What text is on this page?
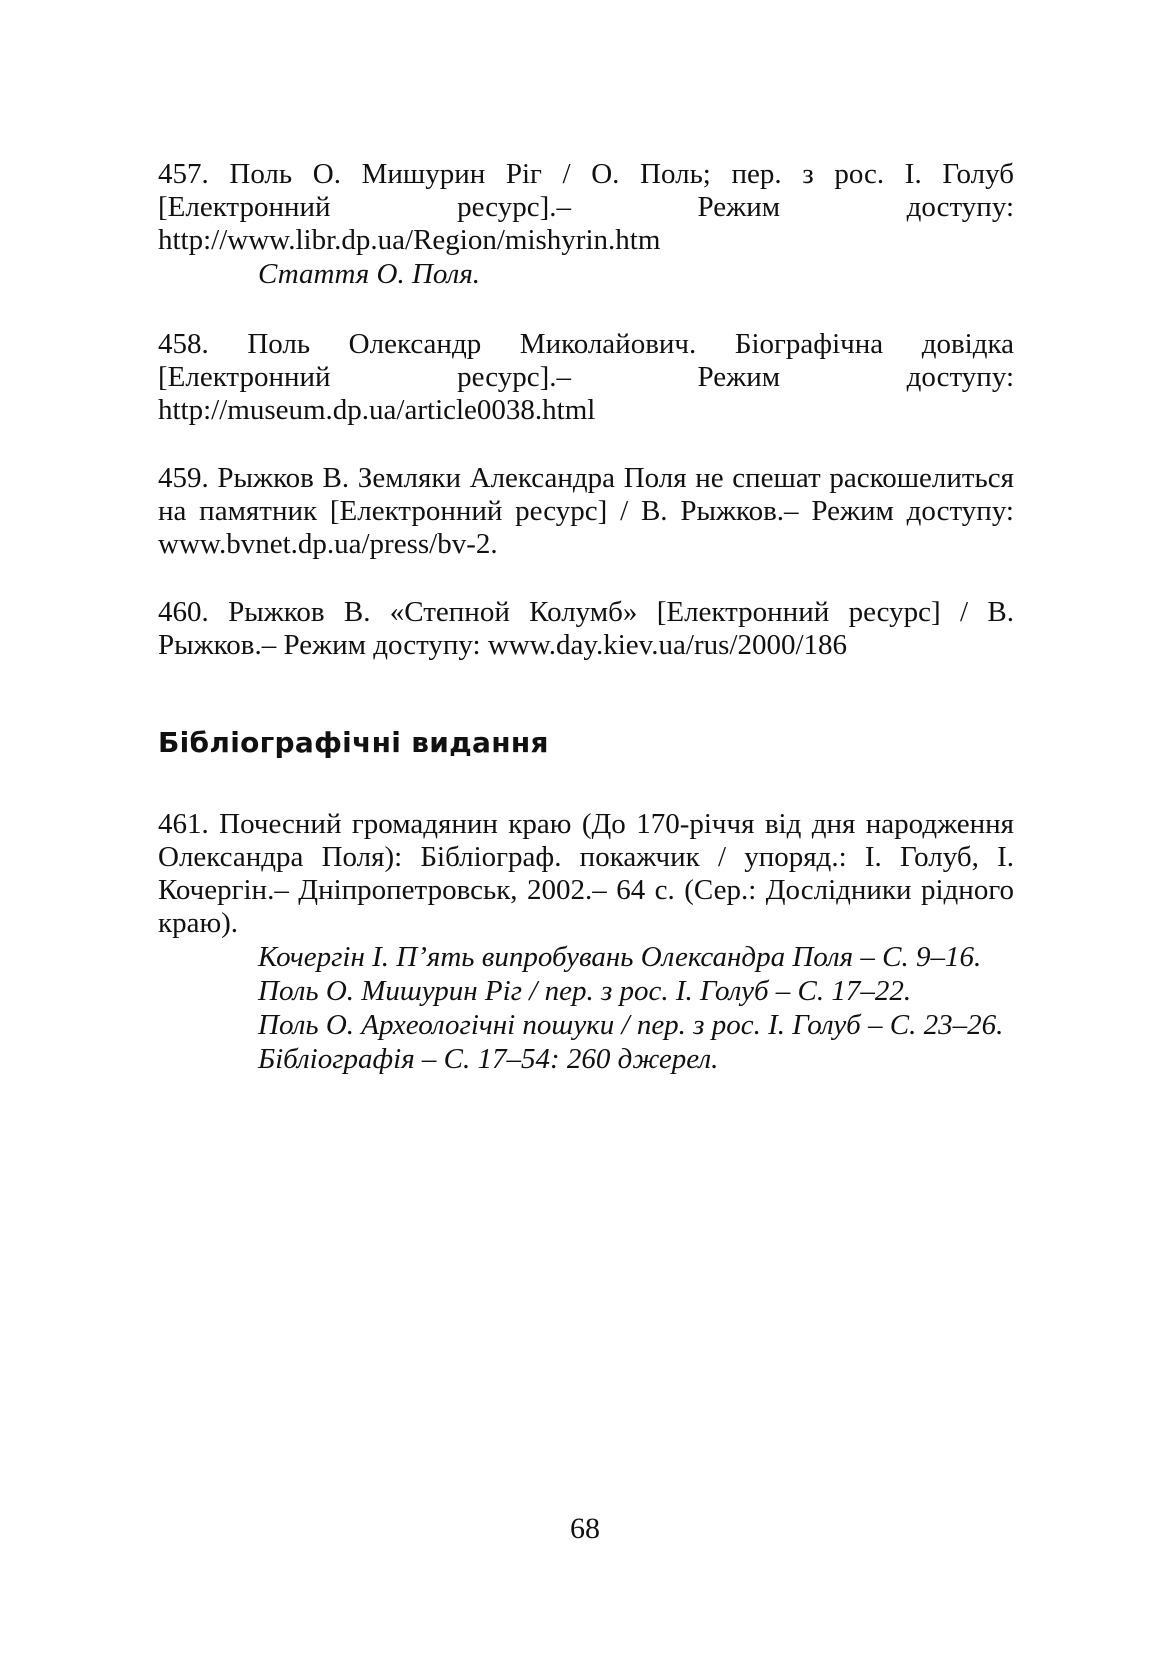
457. Поль О. Мишурин Ріг / О. Поль; пер. з рос. І. Голуб [Електронний ресурс].– Режим доступу:
http://www.libr.dp.ua/Region/mishyrin.htm
Стаття О. Поля.
458. Поль Олександр Миколайович. Біографічна довідка [Електронний ресурс].– Режим доступу:
http://museum.dp.ua/article0038.html
459. Рыжков В. Земляки Александра Поля не спешат раскошелиться на памятник [Електронний ресурс] / В. Рыжков.– Режим доступу: www.bvnet.dp.ua/press/bv-2.
460. Рыжков В. «Степной Колумб» [Електронний ресурс] / В. Рыжков.– Режим доступу: www.day.kiev.ua/rus/2000/186
Бібліографічні видання
461. Почесний громадянин краю (До 170-річчя від дня народження Олександра Поля): Бібліограф. покажчик / упоряд.: І. Голуб, І. Кочергін.– Дніпропетровськ, 2002.– 64 с. (Сер.: Дослідники рідного краю).
Кочергін І. П’ять випробувань Олександра Поля – С. 9–16.
Поль О. Мишурин Ріг / пер. з рос. І. Голуб – С. 17–22.
Поль О. Археологічні пошуки / пер. з рос. І. Голуб – С. 23–26.
Бібліографія – С. 17–54: 260 джерел.
68
